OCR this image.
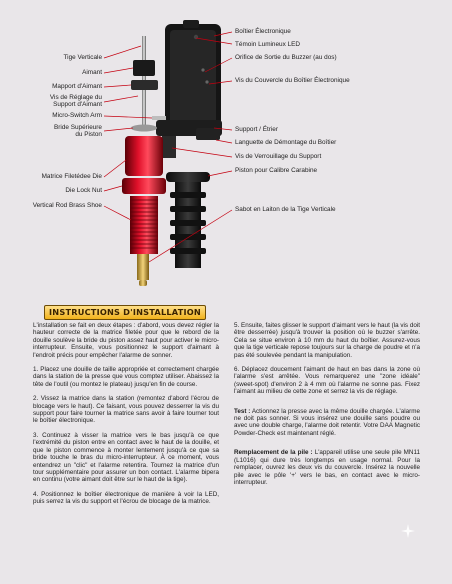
Boîtier Électronique
Témoin Lumineux LED
Orifice de Sortie du Buzzer (au dos)
Vis du Couvercle du Boîtier Électronique
Support / Étrier
Languette de Démontage du Boîtier
Vis de Verrouillage du Support
Piston pour Calibre Carabine
Sabot en Laiton de la Tige Verticale
Tige Verticale
Aimant
Mapport d'Aimant
Vis de Réglage du
Support d'Aimant
Micro-Switch Arm
Bride Supérieure
du Piston
Matrice Filetédee Die
Die Lock Nut
Vertical Rod Brass Shoe
INSTRUCTIONS D'INSTALLATION

L'installation se fait en deux étapes : d'abord, vous devez régler la hauteur correcte de la matrice filetée pour que le rebord de la douille soulève la bride du piston assez haut pour activer le micro-interrupteur. Ensuite, vous positionnez le support d'aimant à l'endroit précis pour empêcher l'alarme de sonner.

1. Placez une douille de taille appropriée et correctement chargée dans la station de la presse que vous comptez utiliser. Abaissez la tête de l'outil (ou montez le plateau) jusqu'en fin de course.

2. Vissez la matrice dans la station (remontez d'abord l'écrou de blocage vers le haut). Ce faisant, vous pouvez desserrer la vis du support pour faire tourner la matrice sans avoir à faire tourner tout le boîtier électronique.

3. Continuez à visser la matrice vers le bas jusqu'à ce que l'extrémité du piston entre en contact avec le haut de la douille, et que le piston commence à monter lentement jusqu'à ce que sa bride touche le bras du micro-interrupteur. À ce moment, vous entendrez un "clic" et l'alarme retentira. Tournez la matrice d'un tour supplémentaire pour assurer un bon contact. L'alarme bipera en continu (votre aimant doit être sur le haut de la tige).

4. Positionnez le boîtier électronique de manière à voir la LED, puis serrez la vis du support et l'écrou de blocage de la matrice.

5. Ensuite, faites glisser le support d'aimant vers le haut (la vis doit être desserrée) jusqu'à trouver la position où le buzzer s'arrête. Cela se situe environ à 10 mm du haut du boîtier. Assurez-vous que la tige verticale repose toujours sur la charge de poudre et n'a pas été soulevée pendant la manipulation.

6. Déplacez doucement l'aimant de haut en bas dans la zone où l'alarme s'est arrêtée. Vous remarquerez une "zone idéale" (sweet-spot) d'environ 2 à 4 mm où l'alarme ne sonne pas. Fixez l'aimant au milieu de cette zone et serrez la vis de réglage.

Test : Actionnez la presse avec la même douille chargée. L'alarme ne doit pas sonner. Si vous insérez une douille sans poudre ou avec une double charge, l'alarme doit retentir. Votre DAA Magnetic Powder-Check est maintenant réglé.

Remplacement de la pile : L'appareil utilise une seule pile MN11 (L1016) qui dure très longtemps en usage normal. Pour la remplacer, ouvrez les deux vis du couvercle. Insérez la nouvelle pile avec le pôle '+' vers le bas, en contact avec le micro-interrupteur.
